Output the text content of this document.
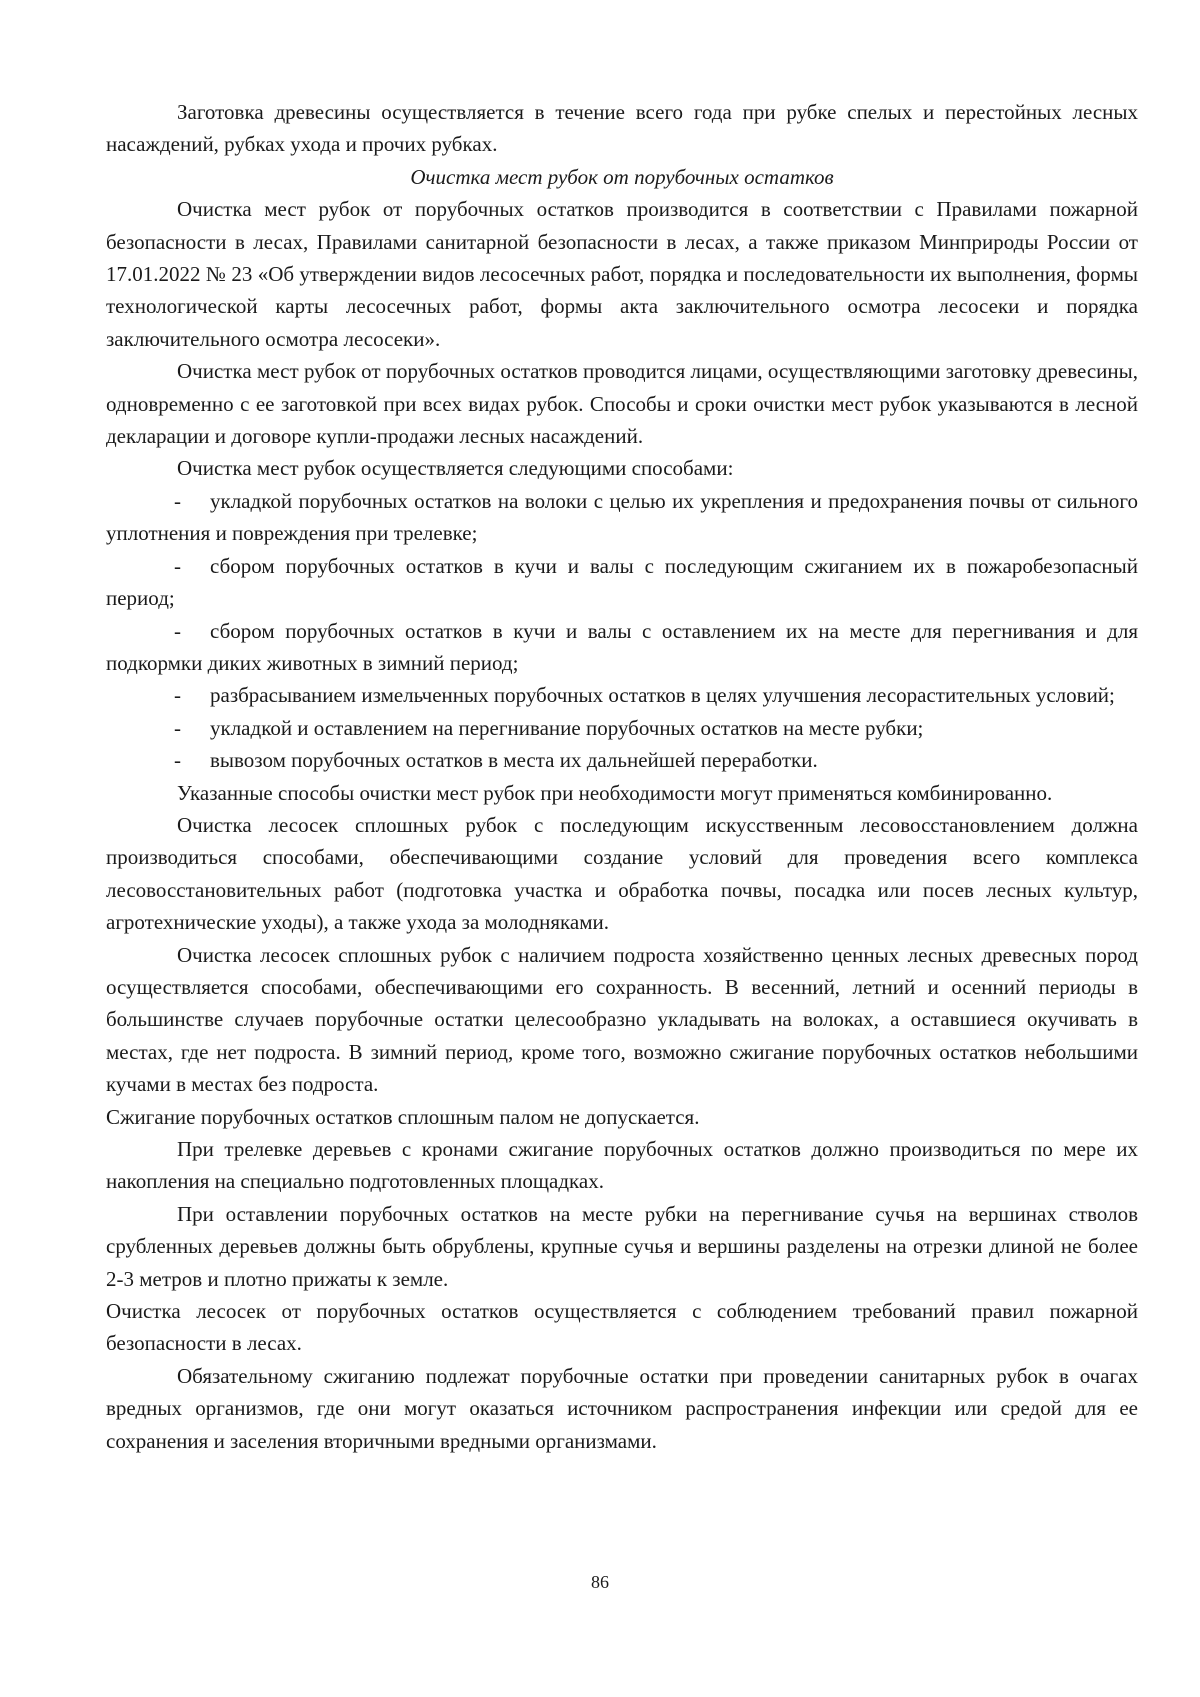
Заготовка древесины осуществляется в течение всего года при рубке спелых и перестойных лесных насаждений, рубках ухода и прочих рубках.

Очистка мест рубок от порубочных остатков

Очистка мест рубок от порубочных остатков производится в соответствии с Правилами пожарной безопасности в лесах, Правилами санитарной безопасности в лесах, а также приказом Минприроды России от 17.01.2022 № 23 «Об утверждении видов лесосечных работ, порядка и последовательности их выполнения, формы технологической карты лесосечных работ, формы акта заключительного осмотра лесосеки и порядка заключительного осмотра лесосеки».

Очистка мест рубок от порубочных остатков проводится лицами, осуществляющими заготовку древесины, одновременно с ее заготовкой при всех видах рубок. Способы и сроки очистки мест рубок указываются в лесной декларации и договоре купли-продажи лесных насаждений.

Очистка мест рубок осуществляется следующими способами:

- укладкой порубочных остатков на волоки с целью их укрепления и предохранения почвы от сильного уплотнения и повреждения при трелевке;

- сбором порубочных остатков в кучи и валы с последующим сжиганием их в пожаробезопасный период;

- сбором порубочных остатков в кучи и валы с оставлением их на месте для перегнивания и для подкормки диких животных в зимний период;

- разбрасыванием измельченных порубочных остатков в целях улучшения лесорастительных условий;

- укладкой и оставлением на перегнивание порубочных остатков на месте рубки;

- вывозом порубочных остатков в места их дальнейшей переработки.

Указанные способы очистки мест рубок при необходимости могут применяться комбинированно.

Очистка лесосек сплошных рубок с последующим искусственным лесовосстановлением должна производиться способами, обеспечивающими создание условий для проведения всего комплекса лесовосстановительных работ (подготовка участка и обработка почвы, посадка или посев лесных культур, агротехнические уходы), а также ухода за молодняками.

Очистка лесосек сплошных рубок с наличием подроста хозяйственно ценных лесных древесных пород осуществляется способами, обеспечивающими его сохранность. В весенний, летний и осенний периоды в большинстве случаев порубочные остатки целесообразно укладывать на волоках, а оставшиеся окучивать в местах, где нет подроста. В зимний период, кроме того, возможно сжигание порубочных остатков небольшими кучами в местах без подроста.

Сжигание порубочных остатков сплошным палом не допускается.

При трелевке деревьев с кронами сжигание порубочных остатков должно производиться по мере их накопления на специально подготовленных площадках.

При оставлении порубочных остатков на месте рубки на перегнивание сучья на вершинах стволов срубленных деревьев должны быть обрублены, крупные сучья и вершины разделены на отрезки длиной не более 2-3 метров и плотно прижаты к земле.

Очистка лесосек от порубочных остатков осуществляется с соблюдением требований правил пожарной безопасности в лесах.

Обязательному сжиганию подлежат порубочные остатки при проведении санитарных рубок в очагах вредных организмов, где они могут оказаться источником распространения инфекции или средой для ее сохранения и заселения вторичными вредными организмами.

86
